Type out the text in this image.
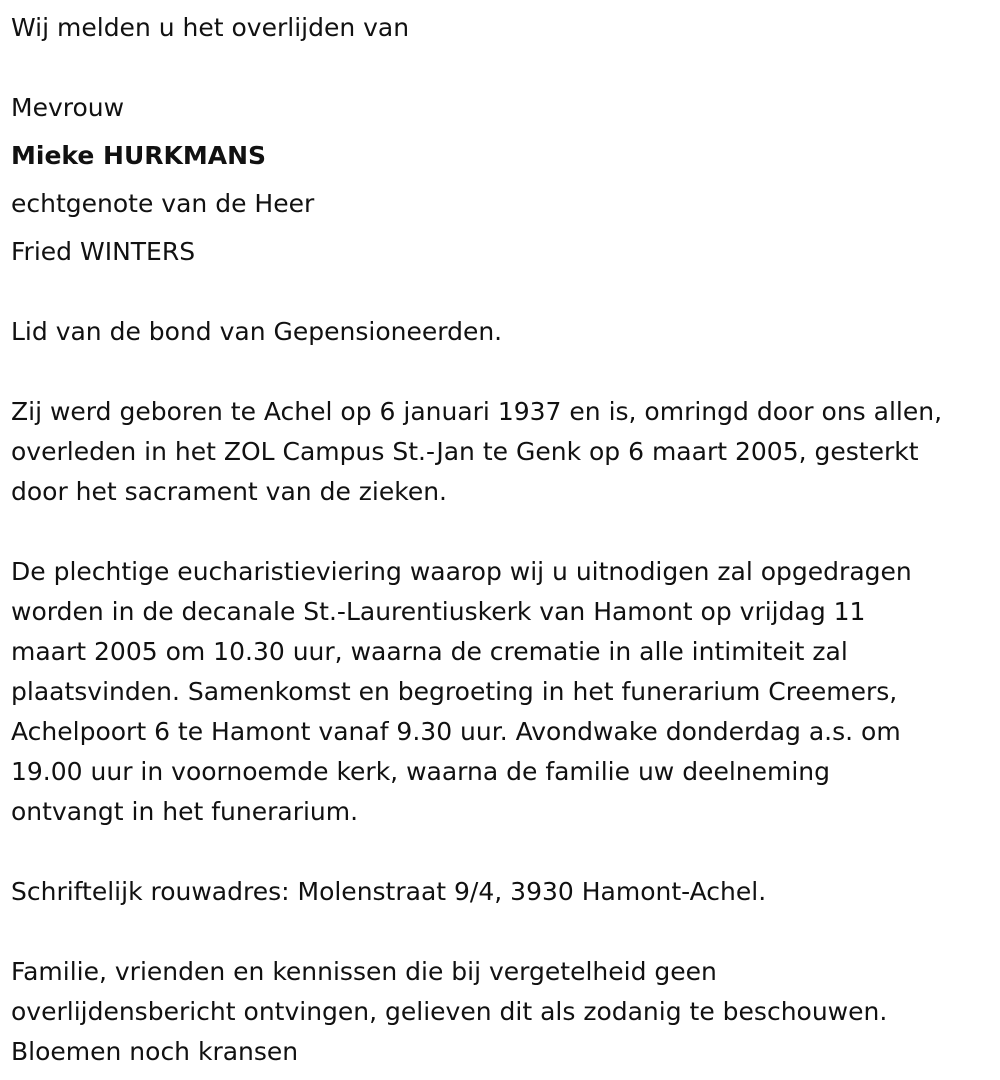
Wij melden u het overlijden van

Mevrouw

Mieke HURKMANS

echtgenote van de Heer

Fried WINTERS

Lid van de bond van Gepensioneerden.

Zij werd geboren te Achel op 6 januari 1937 en is, omringd door ons allen,

overleden in het ZOL Campus St.-Jan te Genk op 6 maart 2005, gesterkt

door het sacrament van de zieken.

De plechtige eucharistieviering waarop wij u uitnodigen zal opgedragen

worden in de decanale St.-Laurentiuskerk van Hamont op vrijdag 11

maart 2005 om 10.30 uur, waarna de crematie in alle intimiteit zal

plaatsvinden. Samenkomst en begroeting in het funerarium Creemers,

Achelpoort 6 te Hamont vanaf 9.30 uur. Avondwake donderdag a.s. om

19.00 uur in voornoemde kerk, waarna de familie uw deelneming

ontvangt in het funerarium.

Schriftelijk rouwadres: Molenstraat 9/4, 3930 Hamont-Achel.

Familie, vrienden en kennissen die bij vergetelheid geen

overlijdensbericht ontvingen, gelieven dit als zodanig te beschouwen.

Bloemen noch kransen
